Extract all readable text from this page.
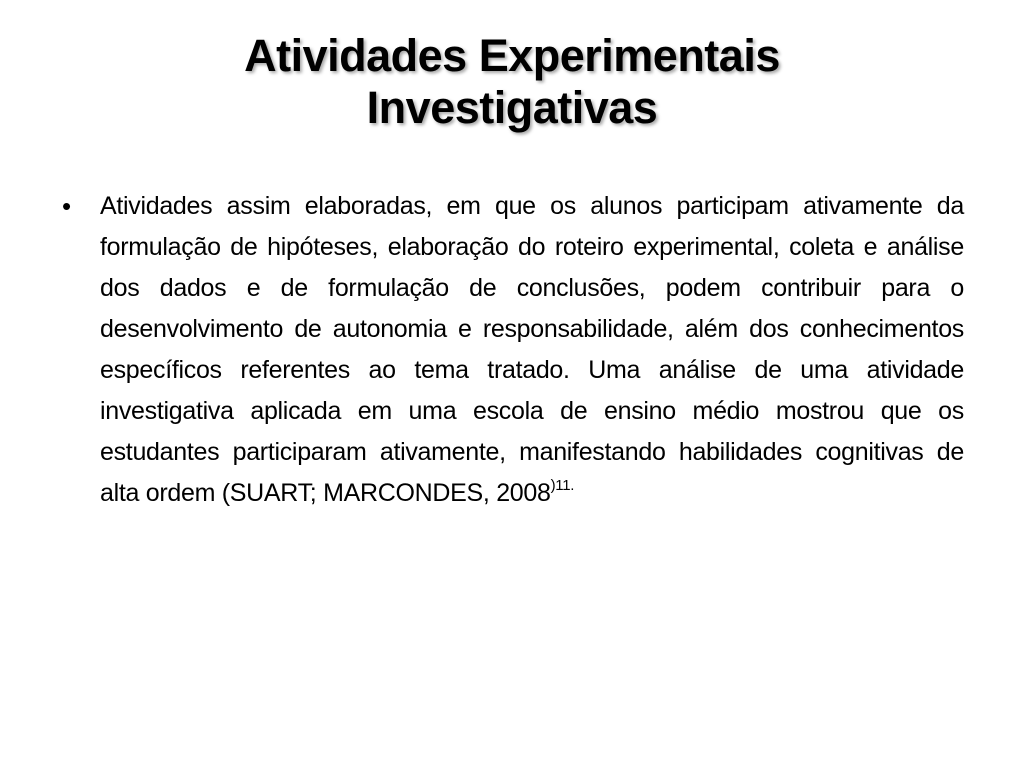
Atividades Experimentais
Investigativas
•	Atividades assim elaboradas, em que os alunos participam ativamente da formulação de hipóteses, elaboração do roteiro experimental, coleta e análise dos dados e de formulação de conclusões, podem contribuir para o desenvolvimento de autonomia e responsabilidade, além dos conhecimentos específicos referentes ao tema tratado. Uma análise de uma atividade investigativa aplicada em uma escola de ensino médio mostrou que os estudantes participaram ativamente, manifestando habilidades cognitivas de alta ordem (SUART; MARCONDES, $2008^{)11.}$
